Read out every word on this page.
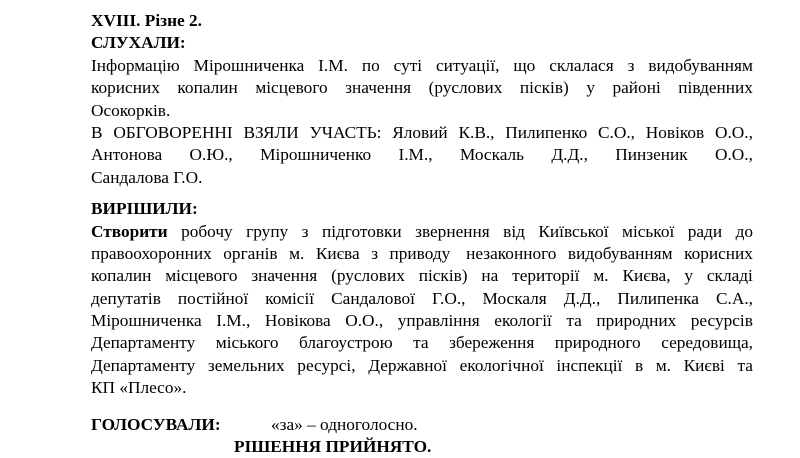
XVIII. Різне 2.
СЛУХАЛИ:
Інформацію Мірошниченка І.М. по суті ситуації, що склалася з видобуванням
корисних копалин місцевого значення (руслових пісків) у районі південних
Осокорків.
В ОБГОВОРЕННІ ВЗЯЛИ УЧАСТЬ: Яловий К.В., Пилипенко С.О., Новіков О.О.,
Антонова О.Ю., Мірошниченко І.М., Москаль Д.Д., Пинзеник О.О.,
Сандалова Г.О.
ВИРІШИЛИ:
Створити робочу групу з підготовки звернення від Київської міської ради до
правоохоронних органів м. Києва з приводу незаконного видобуванням корисних
копалин місцевого значення (руслових пісків) на території м. Києва, у складі
депутатів постійної комісії Сандалової Г.О., Москаля Д.Д., Пилипенка С.А.,
Мірошниченка І.М., Новікова О.О., управління екології та природних ресурсів
Департаменту міського благоустрою та збереження природного середовища,
Департаменту земельних ресурсі, Державної екологічної інспекції в м. Києві та
КП «Плесо».
ГОЛОСУВАЛИ:	«за» – одноголосно.
РІШЕННЯ ПРИЙНЯТО.
